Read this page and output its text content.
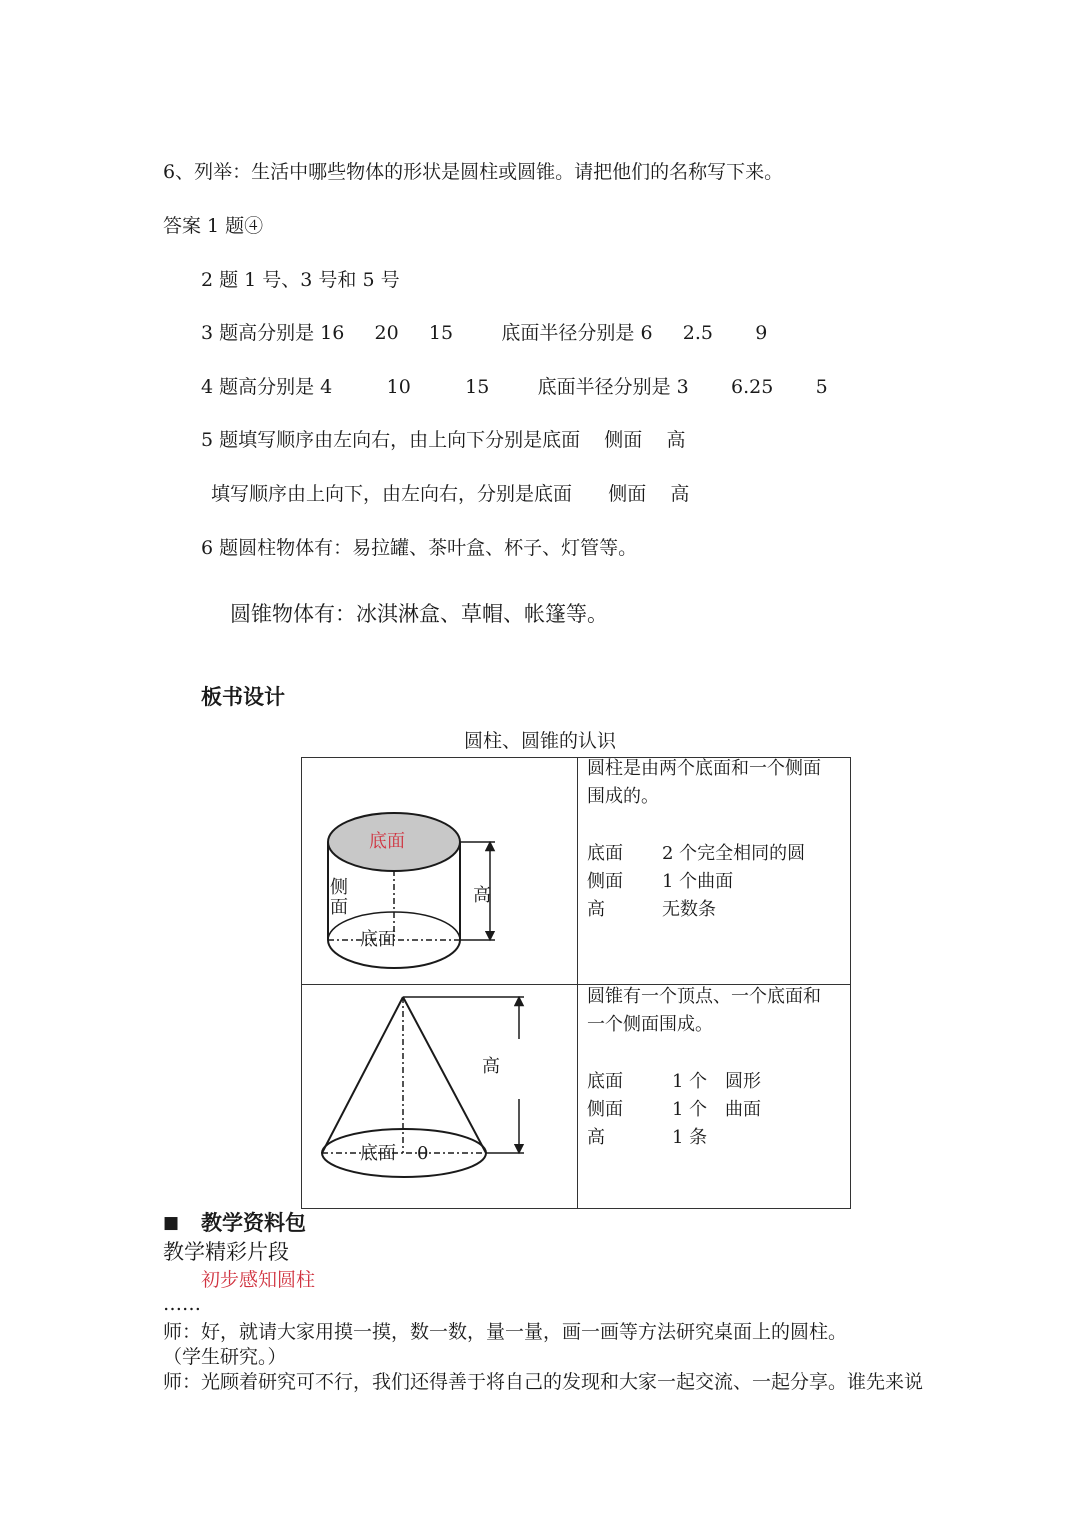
6、列举：生活中哪些物体的形状是圆柱或圆锥。请把他们的名称写下来。
答案 1 题④
2 题 1 号、3 号和 5 号
3 题高分别是 16     20     15        底面半径分别是 6     2.5       9
4 题高分别是 4         10         15        底面半径分别是 3       6.25       5
5 题填写顺序由左向右，由上向下分别是底面    侧面    高
填写顺序由上向下，由左向右，分别是底面      侧面    高
6 题圆柱物体有：易拉罐、茶叶盒、杯子、灯管等。
圆锥物体有：冰淇淋盒、草帽、帐篷等。
板书设计
圆柱、圆锥的认识
底面
侧
面
高
底面
圆柱是由两个底面和一个侧面
围成的。
底面 2 个完全相同的圆
侧面 1 个曲面
高	无数条
高
底面 0
圆锥有一个顶点、一个底面和
一个侧面围成。
底面	1 个 圆形
侧面	1 个 曲面
高	1 条
■ 教学资料包
教学精彩片段
初步感知圆柱
……
师：好，就请大家用摸一摸，数一数，量一量，画一画等方法研究桌面上的圆柱。
（学生研究。）
师：光顾着研究可不行，我们还得善于将自己的发现和大家一起交流、一起分享。谁先来说
